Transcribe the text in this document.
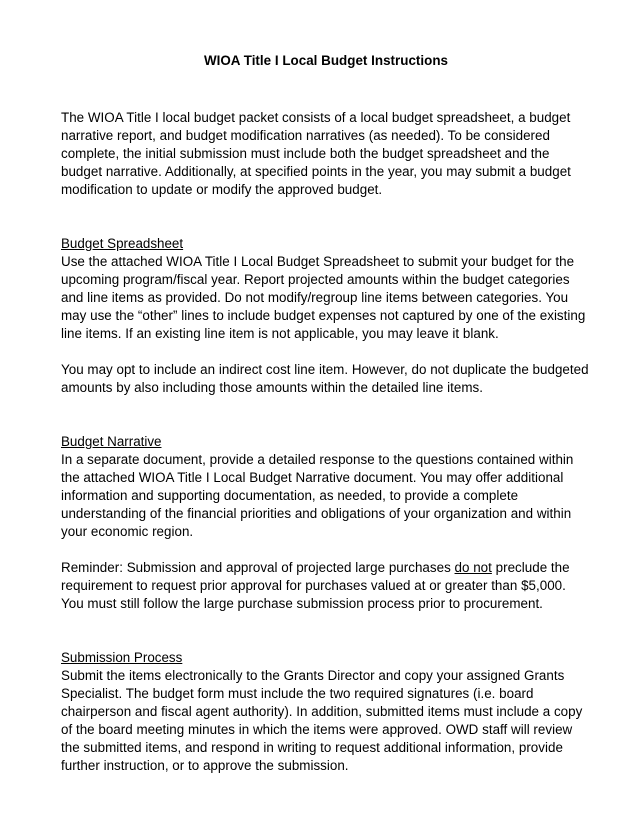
WIOA Title I Local Budget Instructions

The WIOA Title I local budget packet consists of a local budget spreadsheet, a budget narrative report, and budget modification narratives (as needed). To be considered complete, the initial submission must include both the budget spreadsheet and the budget narrative. Additionally, at specified points in the year, you may submit a budget modification to update or modify the approved budget.

Budget Spreadsheet

Use the attached WIOA Title I Local Budget Spreadsheet to submit your budget for the upcoming program/fiscal year. Report projected amounts within the budget categories and line items as provided. Do not modify/regroup line items between categories. You may use the “other” lines to include budget expenses not captured by one of the existing line items. If an existing line item is not applicable, you may leave it blank.

You may opt to include an indirect cost line item. However, do not duplicate the budgeted amounts by also including those amounts within the detailed line items.

Budget Narrative

In a separate document, provide a detailed response to the questions contained within the attached WIOA Title I Local Budget Narrative document. You may offer additional information and supporting documentation, as needed, to provide a complete understanding of the financial priorities and obligations of your organization and within your economic region.

Reminder: Submission and approval of projected large purchases do not preclude the requirement to request prior approval for purchases valued at or greater than $5,000. You must still follow the large purchase submission process prior to procurement.

Submission Process

Submit the items electronically to the Grants Director and copy your assigned Grants Specialist. The budget form must include the two required signatures (i.e. board chairperson and fiscal agent authority). In addition, submitted items must include a copy of the board meeting minutes in which the items were approved. OWD staff will review the submitted items, and respond in writing to request additional information, provide further instruction, or to approve the submission.
